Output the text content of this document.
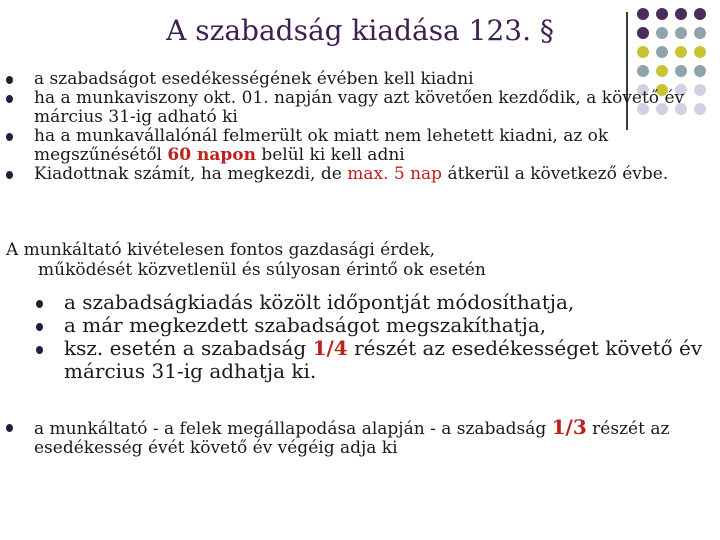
A szabadság kiadása 123. §
a szabadságot esedékességének évében kell kiadni
ha a munkaviszony okt. 01. napján vagy azt követően kezdődik, a követő év március 31-ig adható ki
ha a munkavállalónál felmerült ok miatt nem lehetett kiadni, az ok megszűnésétől 60 napon belül ki kell adni
Kiadottnak számít, ha megkezdi, de max. 5 nap átkerül a következő évbe.
A munkáltató kivételesen fontos gazdasági érdek,
működését közvetlenül és súlyosan érintő ok esetén
a szabadságkiadás közölt időpontját módosíthatja,
a már megkezdett szabadságot megszakíthatja,
ksz. esetén a szabadság 1/4 részét az esedékességet követő év március 31-ig adhatja ki.
a munkáltató - a felek megállapodása alapján - a szabadság 1/3 részét az esedékesség évét követő év végéig adja ki
